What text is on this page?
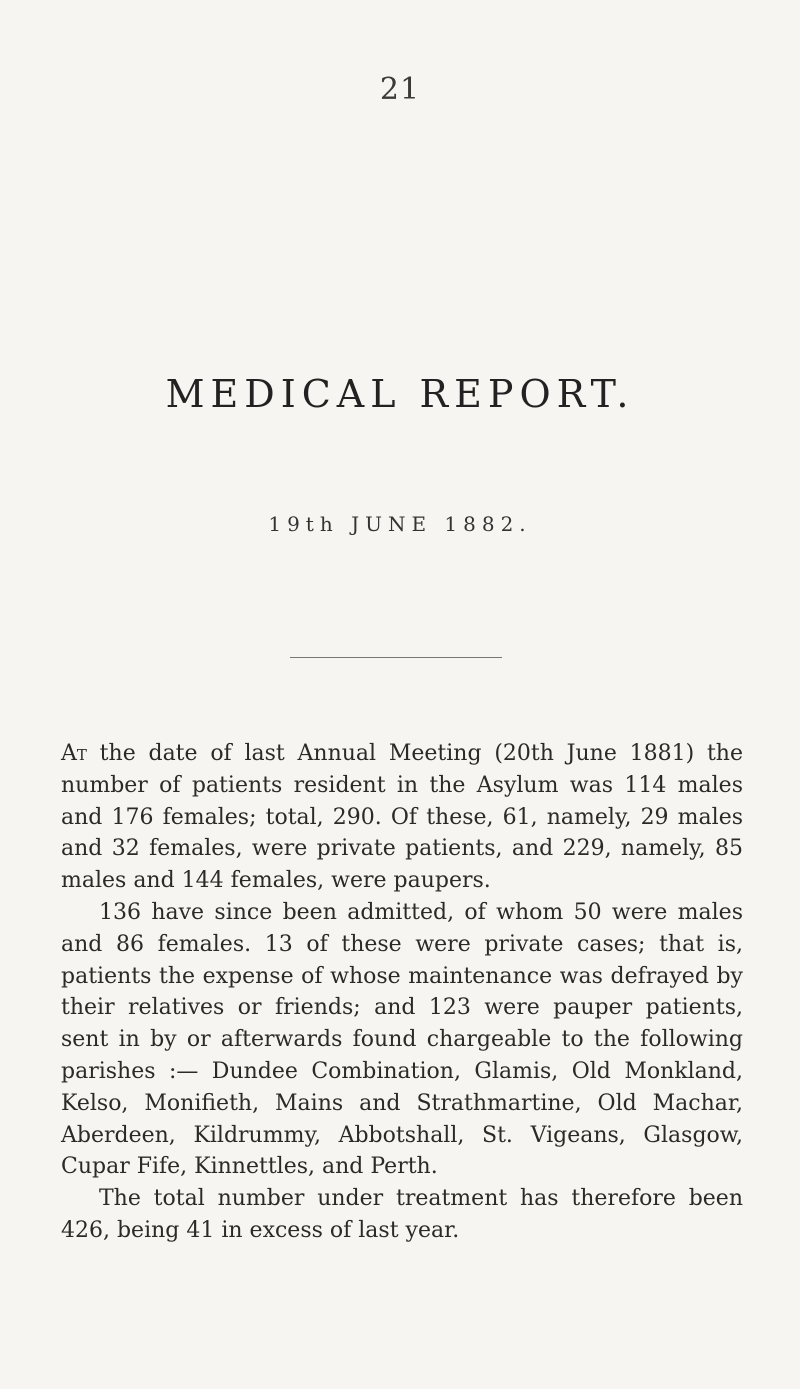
21
MEDICAL REPORT.
19th JUNE 1882.

At the date of last Annual Meeting (20th June 1881) the number of patients resident in the Asylum was 114 males and 176 females; total, 290. Of these, 61, namely, 29 males and 32 females, were private patients, and 229, namely, 85 males and 144 females, were paupers.

136 have since been admitted, of whom 50 were males and 86 females. 13 of these were private cases; that is, patients the expense of whose maintenance was defrayed by their relatives or friends; and 123 were pauper patients, sent in by or afterwards found chargeable to the following parishes :— Dundee Combination, Glamis, Old Monkland, Kelso, Monifieth, Mains and Strathmartine, Old Machar, Aberdeen, Kildrummy, Abbotshall, St. Vigeans, Glasgow, Cupar Fife, Kinnettles, and Perth.

The total number under treatment has therefore been 426, being 41 in excess of last year.
